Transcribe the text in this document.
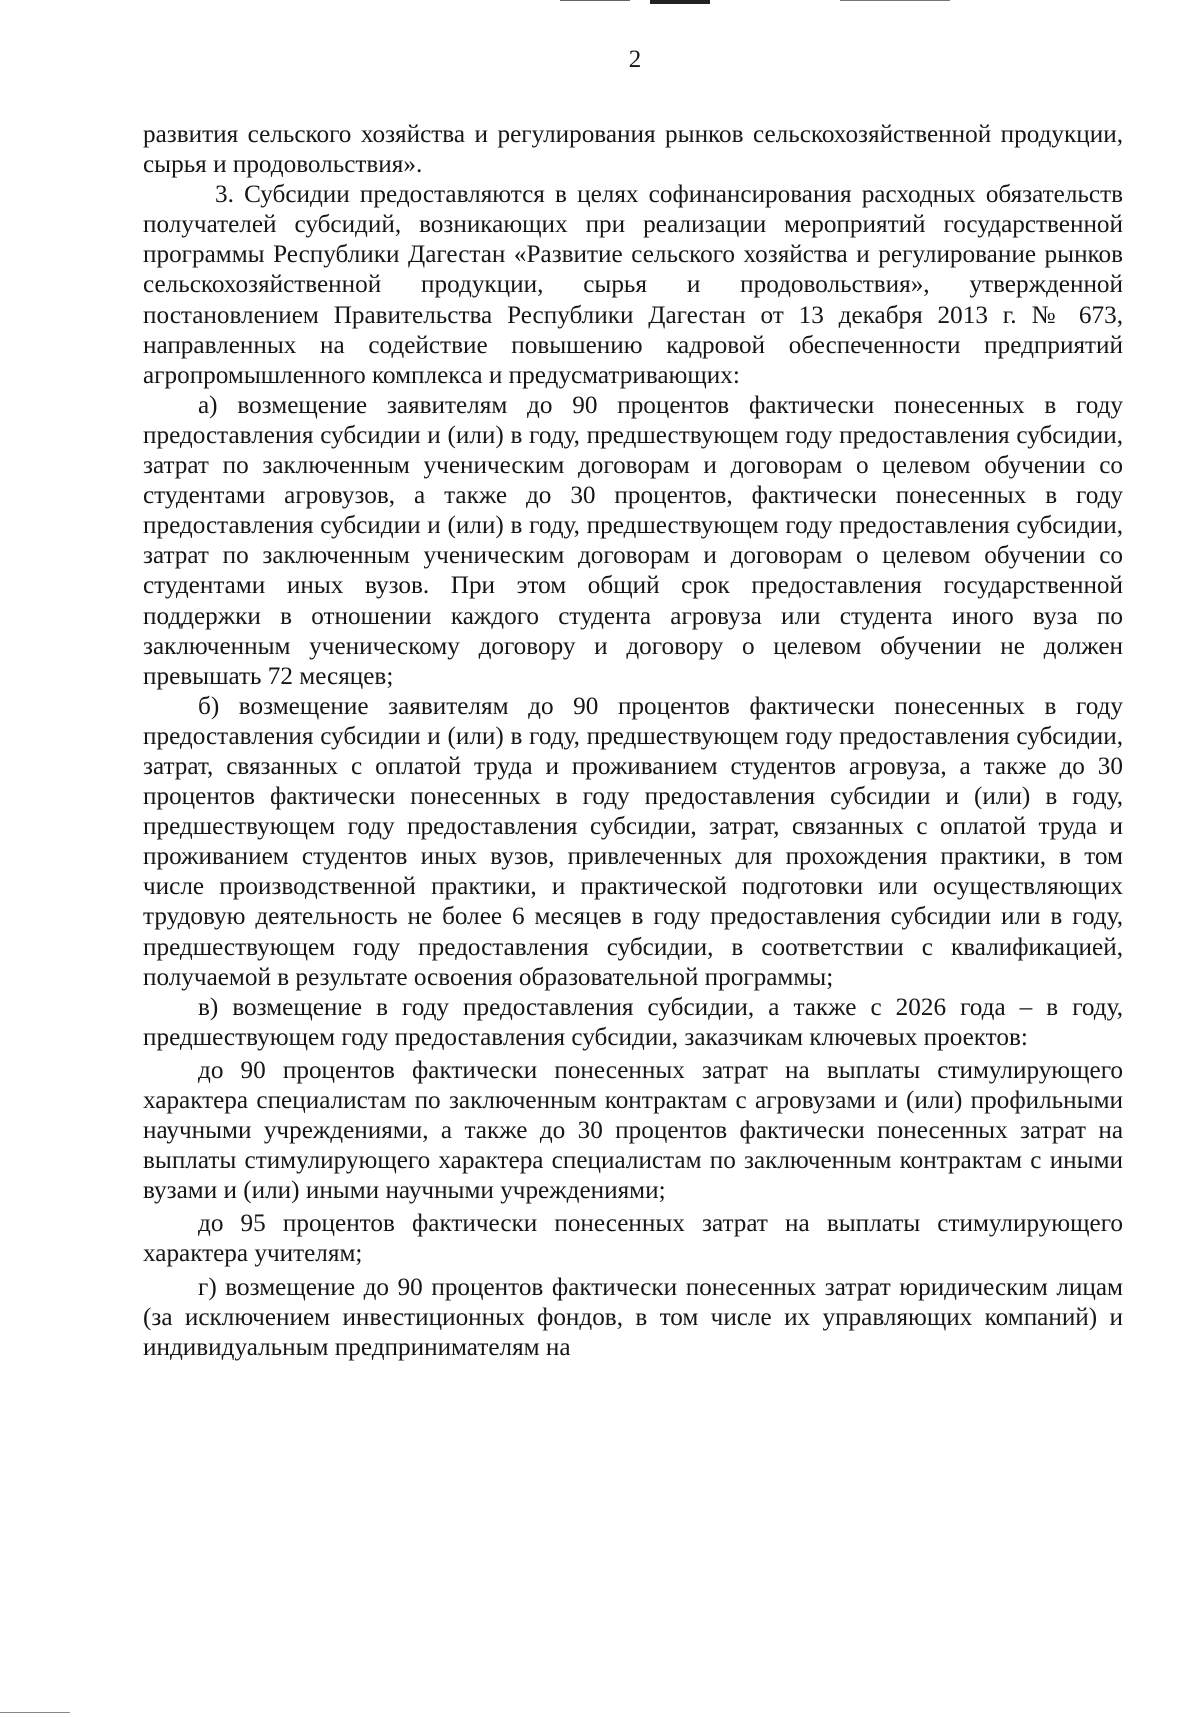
2

развития сельского хозяйства и регулирования рынков сельскохозяйственной продукции, сырья и продовольствия».

3. Субсидии предоставляются в целях софинансирования расходных обязательств получателей субсидий, возникающих при реализации мероприятий государственной программы Республики Дагестан «Развитие сельского хозяйства и регулирование рынков сельскохозяйственной продукции, сырья и продовольствия», утвержденной постановлением Правительства Республики Дагестан от 13 декабря 2013 г. № 673, направленных на содействие повышению кадровой обеспеченности предприятий агропромышленного комплекса и предусматривающих:

а) возмещение заявителям до 90 процентов фактически понесенных в году предоставления субсидии и (или) в году, предшествующем году предоставления субсидии, затрат по заключенным ученическим договорам и договорам о целевом обучении со студентами агровузов, а также до 30 процентов, фактически понесенных в году предоставления субсидии и (или) в году, предшествующем году предоставления субсидии, затрат по заключенным ученическим договорам и договорам о целевом обучении со студентами иных вузов. При этом общий срок предоставления государственной поддержки в отношении каждого студента агровуза или студента иного вуза по заключенным ученическому договору и договору о целевом обучении не должен превышать 72 месяцев;

б) возмещение заявителям до 90 процентов фактически понесенных в году предоставления субсидии и (или) в году, предшествующем году предоставления субсидии, затрат, связанных с оплатой труда и проживанием студентов агровуза, а также до 30 процентов фактически понесенных в году предоставления субсидии и (или) в году, предшествующем году предоставления субсидии, затрат, связанных с оплатой труда и проживанием студентов иных вузов, привлеченных для прохождения практики, в том числе производственной практики, и практической подготовки или осуществляющих трудовую деятельность не более 6 месяцев в году предоставления субсидии или в году, предшествующем году предоставления субсидии, в соответствии с квалификацией, получаемой в результате освоения образовательной программы;

в) возмещение в году предоставления субсидии, а также с 2026 года – в году, предшествующем году предоставления субсидии, заказчикам ключевых проектов:

до 90 процентов фактически понесенных затрат на выплаты стимулирующего характера специалистам по заключенным контрактам с агровузами и (или) профильными научными учреждениями, а также до 30 процентов фактически понесенных затрат на выплаты стимулирующего характера специалистам по заключенным контрактам с иными вузами и (или) иными научными учреждениями;

до 95 процентов фактически понесенных затрат на выплаты стимулирующего характера учителям;

г) возмещение до 90 процентов фактически понесенных затрат юридическим лицам (за исключением инвестиционных фондов, в том числе их управляющих компаний) и индивидуальным предпринимателям на
